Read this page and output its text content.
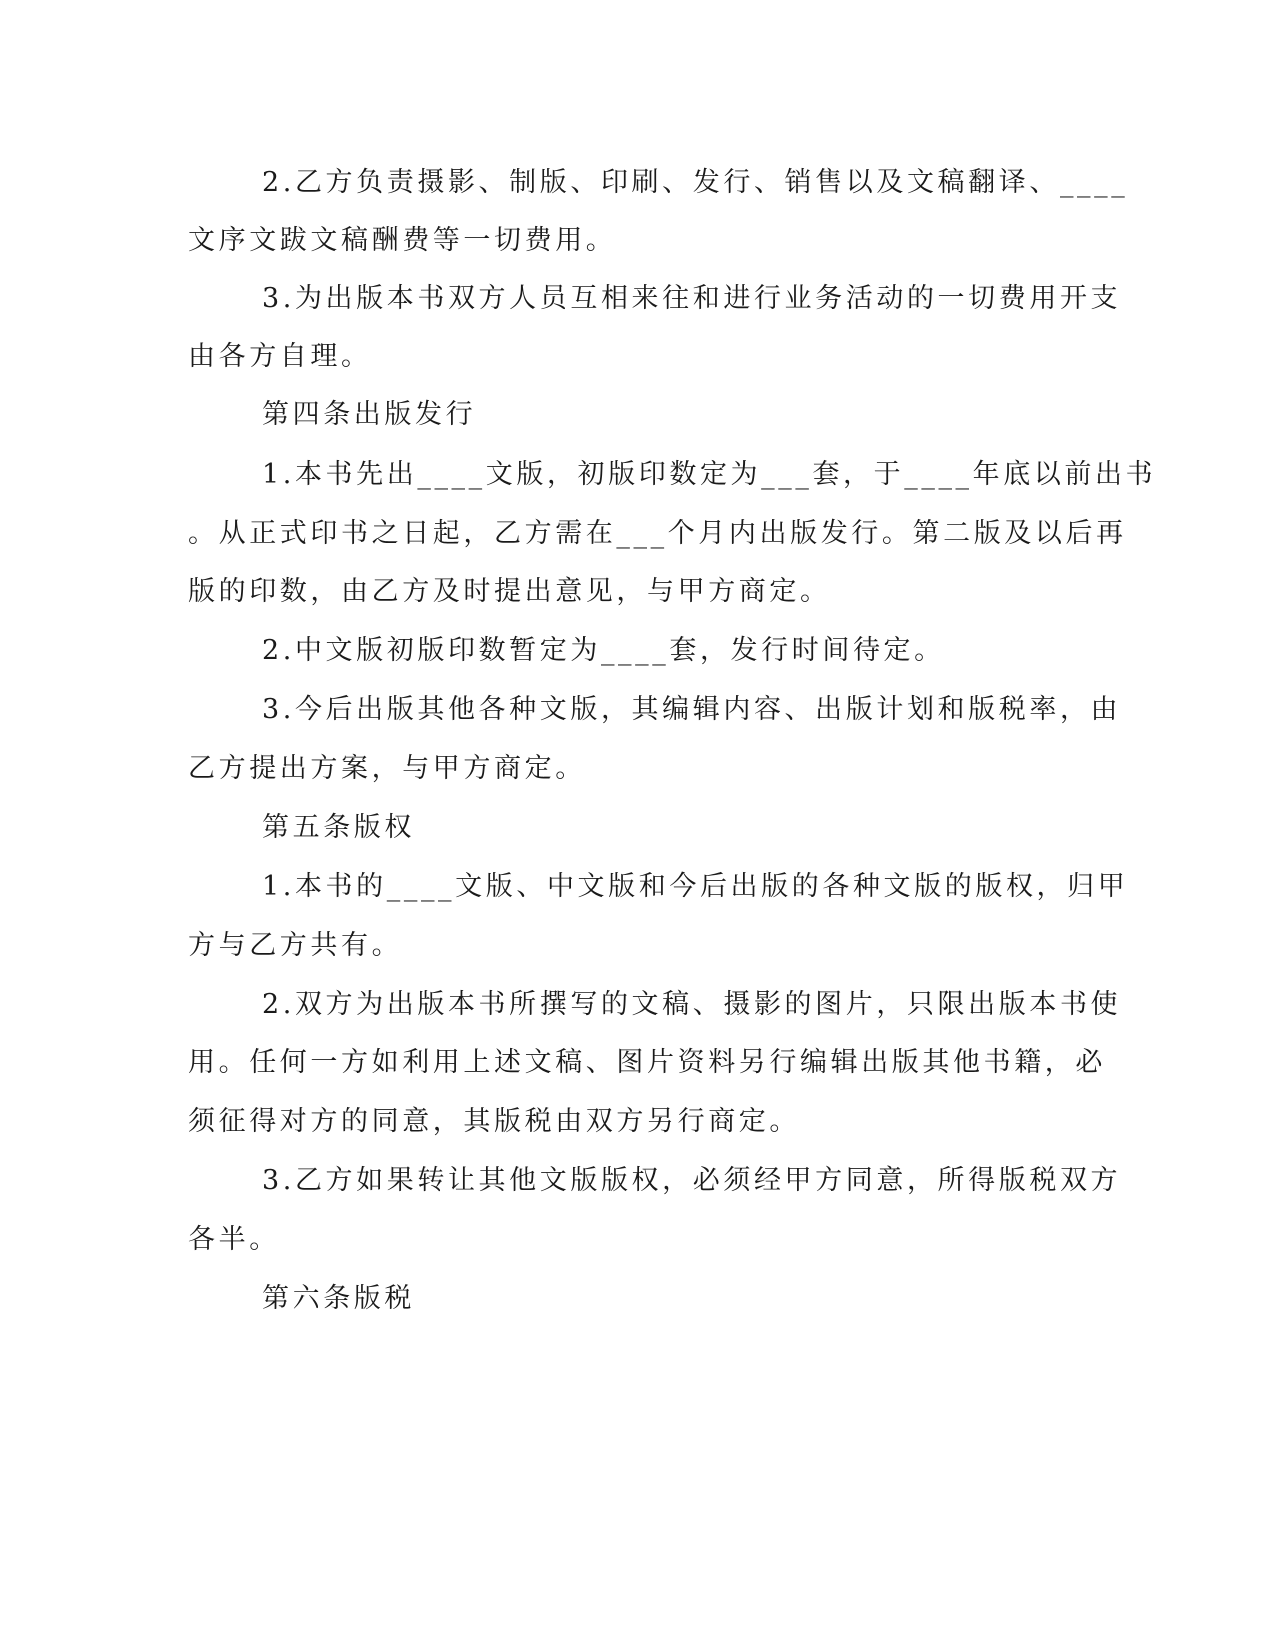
2.乙方负责摄影、制版、印刷、发行、销售以及文稿翻译、____
文序文跋文稿酬费等一切费用。
3.为出版本书双方人员互相来往和进行业务活动的一切费用开支
由各方自理。
第四条出版发行
1.本书先出____文版，初版印数定为___套，于____年底以前出书
。从正式印书之日起，乙方需在___个月内出版发行。第二版及以后再
版的印数，由乙方及时提出意见，与甲方商定。
2.中文版初版印数暂定为____套，发行时间待定。
3.今后出版其他各种文版，其编辑内容、出版计划和版税率，由
乙方提出方案，与甲方商定。
第五条版权
1.本书的____文版、中文版和今后出版的各种文版的版权，归甲
方与乙方共有。
2.双方为出版本书所撰写的文稿、摄影的图片，只限出版本书使
用。任何一方如利用上述文稿、图片资料另行编辑出版其他书籍，必
须征得对方的同意，其版税由双方另行商定。
3.乙方如果转让其他文版版权，必须经甲方同意，所得版税双方
各半。
第六条版税
